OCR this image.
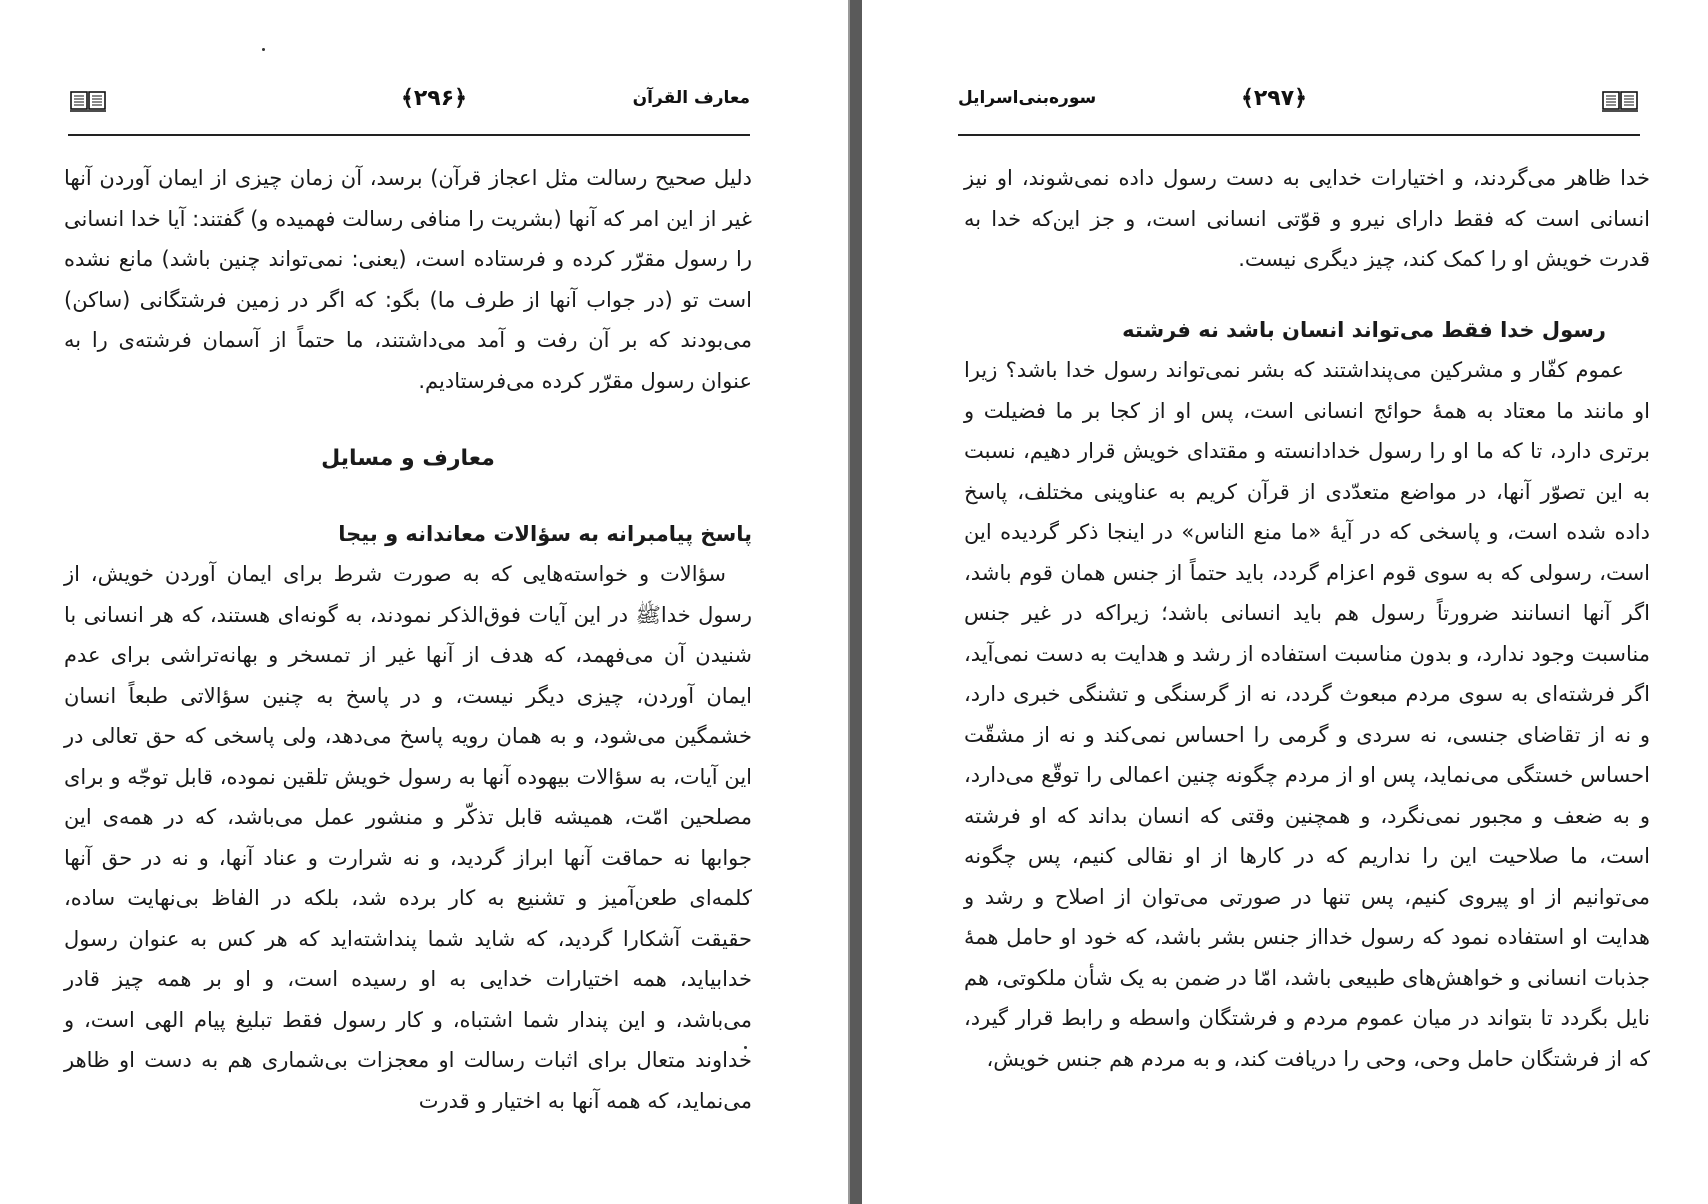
﴿۲۹۶﴾	معارف القرآن

دلیل صحیح رسالت مثل اعجاز قرآن) برسد، آن زمان چیزی از ایمان آوردن آنها غیر از این امر که آنها (بشریت را منافی رسالت فهمیده و) گفتند: آیا خدا انسانی را رسول مقرّر کرده و فرستاده است، (یعنی: نمی‌تواند چنین باشد) مانع نشده است تو (در جواب آنها از طرف ما) بگو: که اگر در زمین فرشتگانی (ساکن) می‌بودند که بر آن رفت و آمد می‌داشتند، ما حتماً از آسمان فرشته‌ی را به عنوان رسول مقرّر کرده می‌فرستادیم.

معارف و مسایل

پاسخ پیامبرانه به سؤالات معاندانه و بیجا

سؤالات و خواسته‌هایی که به صورت شرط برای ایمان آوردن خویش، از رسول خداﷺ در این آیات فوق‌الذکر نمودند، به گونه‌ای هستند، که هر انسانی با شنیدن آن می‌فهمد، که هدف از آنها غیر از تمسخر و بهانه‌تراشی برای عدم ایمان آوردن، چیزی دیگر نیست، و در پاسخ به چنین سؤالاتی طبعاً انسان خشمگین می‌شود، و به همان رویه پاسخ می‌دهد، ولی پاسخی که حق تعالی در این آیات، به سؤالات بیهوده آنها به رسول خویش تلقین نموده، قابل توجّه و برای مصلحین امّت، همیشه قابل تذکّر و منشور عمل می‌باشد، که در همه‌ی این جوابها نه حماقت آنها ابراز گردید، و نه شرارت و عناد آنها، و نه در حق آنها کلمه‌ای طعن‌آمیز و تشنیع به کار برده شد، بلکه در الفاظ بی‌نهایت ساده، حقیقت آشکارا گردید، که شاید شما پنداشته‌اید که هر کس به عنوان رسول خدابیاید، همه اختیارات خدایی به او رسیده است، و او بر همه چیز قادر می‌باشد، و این پندار شما اشتباه، و کار رسول فقط تبلیغ پیام الهی است، و خداوند متعال برای اثبات رسالت او معجزات بی‌شماری هم به دست او ظاهر می‌نماید، که همه آنها به اختیار و قدرت

سوره‌بنی‌اسرایل	﴿۲۹۷﴾

خدا ظاهر می‌گردند، و اختیارات خدایی به دست رسول داده نمی‌شوند، او نیز انسانی است که فقط دارای نیرو و قوّتی انسانی است، و جز این‌که خدا به قدرت خویش او را کمک کند، چیز دیگری نیست.

رسول خدا فقط می‌تواند انسان باشد نه فرشته

عموم کفّار و مشرکین می‌پنداشتند که بشر نمی‌تواند رسول خدا باشد؟ زیرا او مانند ما معتاد به همهٔ حوائج انسانی است، پس او از کجا بر ما فضیلت و برتری دارد، تا که ما او را رسول خدادانسته و مقتدای خویش قرار دهیم، نسبت به این تصوّر آنها، در مواضع متعدّدی از قرآن کریم به عناوینی مختلف، پاسخ داده شده است، و پاسخی که در آیهٔ «ما منع الناس» در اینجا ذکر گردیده این است، رسولی که به سوی قوم اعزام گردد، باید حتماً از جنس همان قوم باشد، اگر آنها انسانند ضرورتاً رسول هم باید انسانی باشد؛ زیراکه در غیر جنس مناسبت وجود ندارد، و بدون مناسبت استفاده از رشد و هدایت به دست نمی‌آید، اگر فرشته‌ای به سوی مردم مبعوث گردد، نه از گرسنگی و تشنگی خبری دارد، و نه از تقاضای جنسی، نه سردی و گرمی را احساس نمی‌کند و نه از مشقّت احساس خستگی می‌نماید، پس او از مردم چگونه چنین اعمالی را توقّع می‌دارد، و به ضعف و مجبور نمی‌نگرد، و همچنین وقتی که انسان بداند که او فرشته است، ما صلاحیت این را نداریم که در کارها از او نقالی کنیم، پس چگونه می‌توانیم از او پیروی کنیم، پس تنها در صورتی می‌توان از اصلاح و رشد و هدایت او استفاده نمود که رسول خدااز جنس بشر باشد، که خود او حامل همهٔ جذبات انسانی و خواهش‌های طبیعی باشد، امّا در ضمن به یک شأن ملکوتی، هم نایل بگردد تا بتواند در میان عموم مردم و فرشتگان واسطه و رابط قرار گیرد، که از فرشتگان حامل وحی، وحی را دریافت کند، و به مردم هم جنس خویش،
